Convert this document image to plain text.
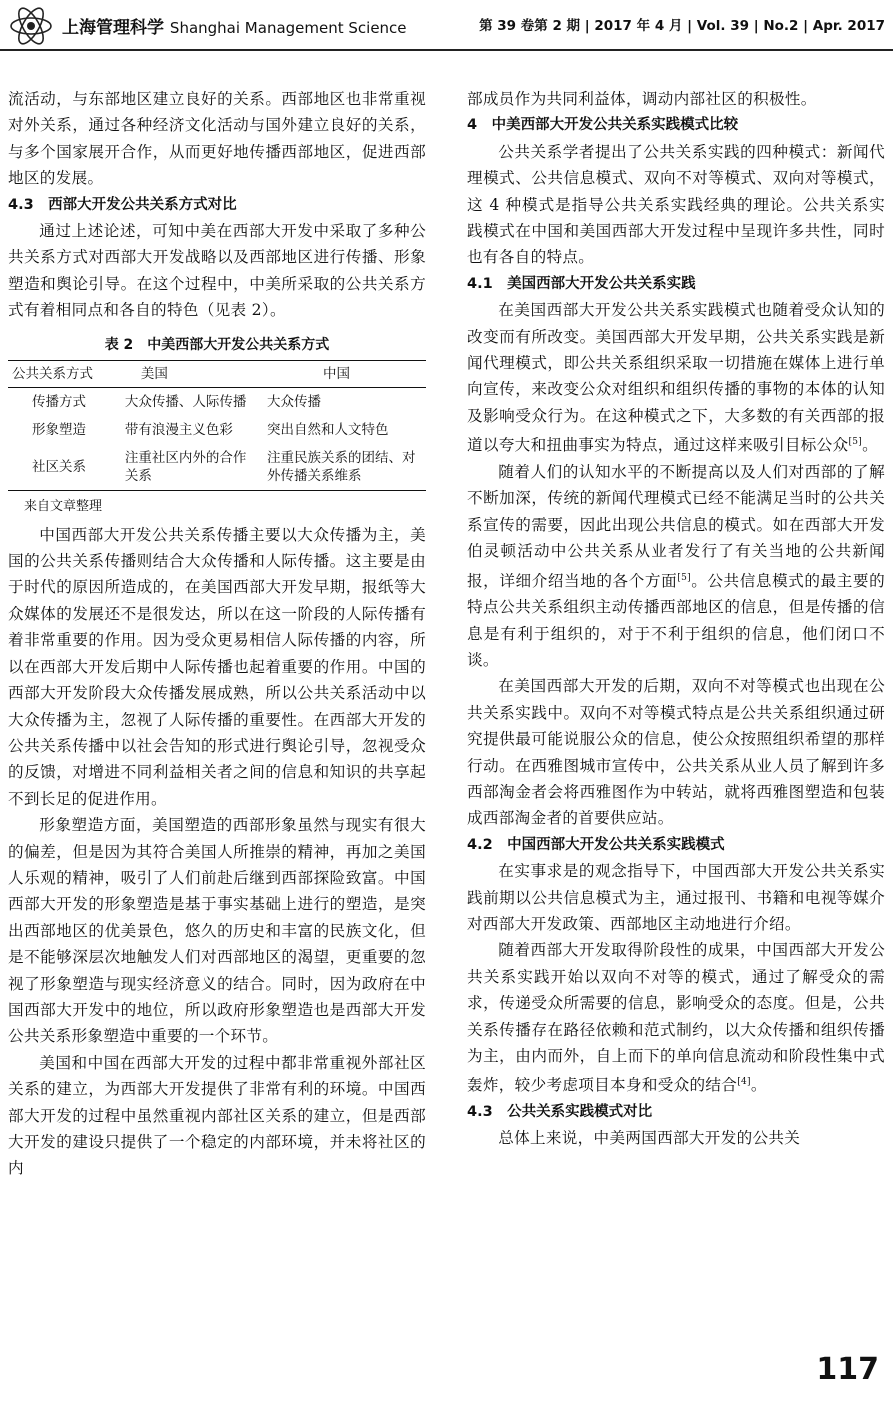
上海管理科学 Shanghai Management Science	第 39 卷第 2 期 | 2017 年 4 月 | Vol. 39 | No.2 | Apr. 2017

流活动，与东部地区建立良好的关系。西部地区也非常重视对外关系，通过各种经济文化活动与国外建立良好的关系，与多个国家展开合作，从而更好地传播西部地区，促进西部地区的发展。

4.3　西部大开发公共关系方式对比

通过上述论述，可知中美在西部大开发中采取了多种公共关系方式对西部大开发战略以及西部地区进行传播、形象塑造和舆论引导。在这个过程中，中美所采取的公共关系方式有着相同点和各自的特色（见表 2）。

表 2　中美西部大开发公共关系方式
公共关系方式	美国	中国
传播方式	大众传播、人际传播	大众传播
形象塑造	带有浪漫主义色彩	突出自然和人文特色
社区关系	注重社区内外的合作关系	注重民族关系的团结、对外传播关系维系
来自文章整理

中国西部大开发公共关系传播主要以大众传播为主，美国的公共关系传播则结合大众传播和人际传播。这主要是由于时代的原因所造成的，在美国西部大开发早期，报纸等大众媒体的发展还不是很发达，所以在这一阶段的人际传播有着非常重要的作用。因为受众更易相信人际传播的内容，所以在西部大开发后期中人际传播也起着重要的作用。中国的西部大开发阶段大众传播发展成熟，所以公共关系活动中以大众传播为主，忽视了人际传播的重要性。在西部大开发的公共关系传播中以社会告知的形式进行舆论引导，忽视受众的反馈，对增进不同利益相关者之间的信息和知识的共享起不到长足的促进作用。

形象塑造方面，美国塑造的西部形象虽然与现实有很大的偏差，但是因为其符合美国人所推崇的精神，再加之美国人乐观的精神，吸引了人们前赴后继到西部探险致富。中国西部大开发的形象塑造是基于事实基础上进行的塑造，是突出西部地区的优美景色，悠久的历史和丰富的民族文化，但是不能够深层次地触发人们对西部地区的渴望，更重要的忽视了形象塑造与现实经济意义的结合。同时，因为政府在中国西部大开发中的地位，所以政府形象塑造也是西部大开发公共关系形象塑造中重要的一个环节。

美国和中国在西部大开发的过程中都非常重视外部社区关系的建立，为西部大开发提供了非常有利的环境。中国西部大开发的过程中虽然重视内部社区关系的建立，但是西部大开发的建设只提供了一个稳定的内部环境，并未将社区的内

部成员作为共同利益体，调动内部社区的积极性。

4　中美西部大开发公共关系实践模式比较

公共关系学者提出了公共关系实践的四种模式：新闻代理模式、公共信息模式、双向不对等模式、双向对等模式，这 4 种模式是指导公共关系实践经典的理论。公共关系实践模式在中国和美国西部大开发过程中呈现许多共性，同时也有各自的特点。

4.1　美国西部大开发公共关系实践

在美国西部大开发公共关系实践模式也随着受众认知的改变而有所改变。美国西部大开发早期，公共关系实践是新闻代理模式，即公共关系组织采取一切措施在媒体上进行单向宣传，来改变公众对组织和组织传播的事物的本体的认知及影响受众行为。在这种模式之下，大多数的有关西部的报道以夸大和扭曲事实为特点，通过这样来吸引目标公众[5]。

随着人们的认知水平的不断提高以及人们对西部的了解不断加深，传统的新闻代理模式已经不能满足当时的公共关系宣传的需要，因此出现公共信息的模式。如在西部大开发伯灵顿活动中公共关系从业者发行了有关当地的公共新闻报，详细介绍当地的各个方面[5]。公共信息模式的最主要的特点公共关系组织主动传播西部地区的信息，但是传播的信息是有利于组织的，对于不利于组织的信息，他们闭口不谈。

在美国西部大开发的后期，双向不对等模式也出现在公共关系实践中。双向不对等模式特点是公共关系组织通过研究提供最可能说服公众的信息，使公众按照组织希望的那样行动。在西雅图城市宣传中，公共关系从业人员了解到许多西部淘金者会将西雅图作为中转站，就将西雅图塑造和包装成西部淘金者的首要供应站。

4.2　中国西部大开发公共关系实践模式

在实事求是的观念指导下，中国西部大开发公共关系实践前期以公共信息模式为主，通过报刊、书籍和电视等媒介对西部大开发政策、西部地区主动地进行介绍。

随着西部大开发取得阶段性的成果，中国西部大开发公共关系实践开始以双向不对等的模式，通过了解受众的需求，传递受众所需要的信息，影响受众的态度。但是，公共关系传播存在路径依赖和范式制约，以大众传播和组织传播为主，由内而外，自上而下的单向信息流动和阶段性集中式轰炸，较少考虑项目本身和受众的结合[4]。

4.3　公共关系实践模式对比

总体上来说，中美两国西部大开发的公共关

117
